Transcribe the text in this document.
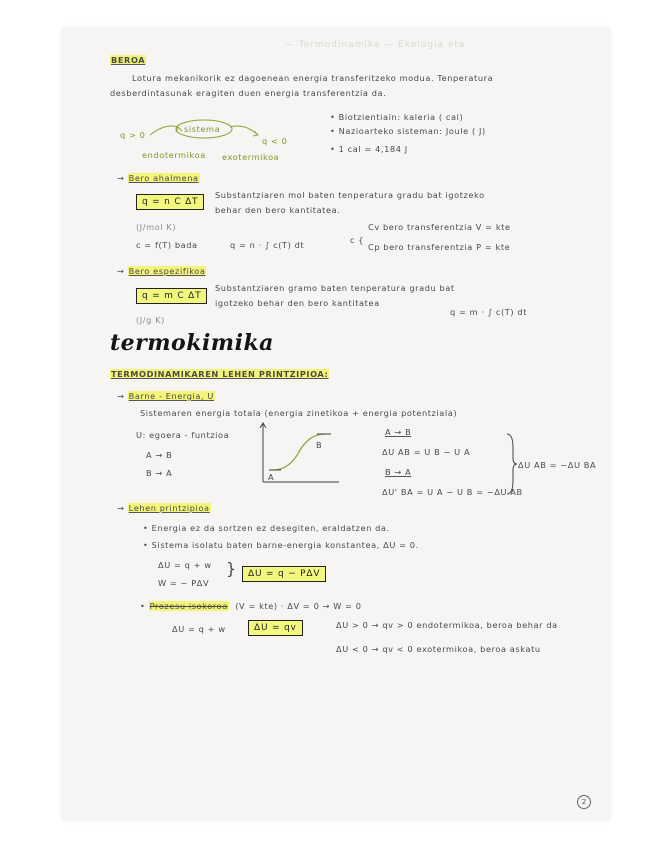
— Termodinamika — Ekologia eta
BEROA
Lotura mekanikorik ez dagoenean energia transferitzeko modua. Tenperatura
desberdintasunak eragiten duen energia transferentzia da.
sistema
q > 0
q < 0
endotermikoa exotermikoa
• Biotzientiain: kaleria ( cal)
• Nazioarteko sisteman: Joule ( J)
• 1 cal = 4,184 J
→ Bero ahalmena
q = n C ΔT
Substantziaren mol baten tenperatura gradu bat igotzeko
behar den bero kantitatea.
(J/mol K)
c = f(T) bada	q = n · ∫ c(T) dt	c {
Cv bero transferentzia V = kte
Cp bero transferentzia P = kte
→ Bero espezifikoa
q = m C ΔT
Substantziaren gramo baten tenperatura gradu bat
igotzeko behar den bero kantitatea
(J/g K)
q = m · ∫ c(T) dt
termokimika
TERMODINAMIKAREN LEHEN PRINTZIPIOA:
→ Barne - Energia, U
Sistemaren energia totala (energia zinetikoa + energia potentziala)
U: egoera - funtzioa
A → B
B → A
B
A
A → B
ΔU AB = U B − U A
B → A
ΔU' BA = U A − U B = −ΔU AB
ΔU AB = −ΔU BA
→ Lehen printzipioa
• Energia ez da sortzen ez desegiten, eraldatzen da.
• Sistema isolatu baten barne-energia konstantea, ΔU = 0.
ΔU = q + w
W = − PΔV
}	ΔU = q − PΔV
• Prozesu isokoroa (V = kte) · ΔV = 0 → W = 0
ΔU = q + w	ΔU = qv	ΔU > 0 → qv > 0 endotermikoa, beroa behar da
ΔU < 0 → qv < 0 exotermikoa, beroa askatu
2
